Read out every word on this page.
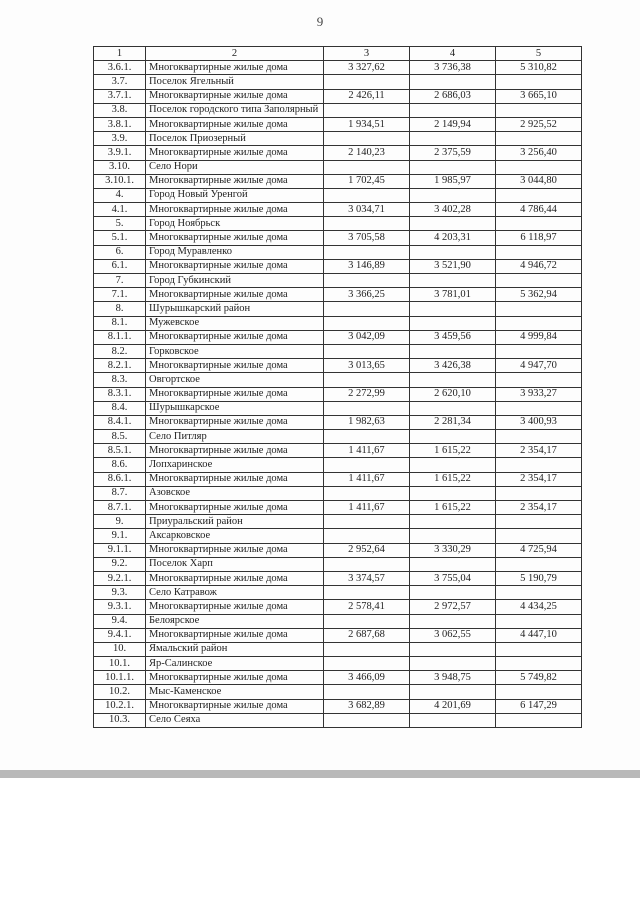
9
1	2	3	4	5
3.6.1.	Многоквартирные жилые дома	3 327,62	3 736,38	5 310,82
3.7.	Поселок Ягельный			
3.7.1.	Многоквартирные жилые дома	2 426,11	2 686,03	3 665,10
3.8.	Поселок городского типа Заполярный			
3.8.1.	Многоквартирные жилые дома	1 934,51	2 149,94	2 925,52
3.9.	Поселок Приозерный			
3.9.1.	Многоквартирные жилые дома	2 140,23	2 375,59	3 256,40
3.10.	Село Нори			
3.10.1.	Многоквартирные жилые дома	1 702,45	1 985,97	3 044,80
4.	Город Новый Уренгой			
4.1.	Многоквартирные жилые дома	3 034,71	3 402,28	4 786,44
5.	Город Ноябрьск			
5.1.	Многоквартирные жилые дома	3 705,58	4 203,31	6 118,97
6.	Город Муравленко			
6.1.	Многоквартирные жилые дома	3 146,89	3 521,90	4 946,72
7.	Город Губкинский			
7.1.	Многоквартирные жилые дома	3 366,25	3 781,01	5 362,94
8.	Шурышкарский район			
8.1.	Мужевское			
8.1.1.	Многоквартирные жилые дома	3 042,09	3 459,56	4 999,84
8.2.	Горковское			
8.2.1.	Многоквартирные жилые дома	3 013,65	3 426,38	4 947,70
8.3.	Овгортское			
8.3.1.	Многоквартирные жилые дома	2 272,99	2 620,10	3 933,27
8.4.	Шурышкарское			
8.4.1.	Многоквартирные жилые дома	1 982,63	2 281,34	3 400,93
8.5.	Село Питляр			
8.5.1.	Многоквартирные жилые дома	1 411,67	1 615,22	2 354,17
8.6.	Лопхаринское			
8.6.1.	Многоквартирные жилые дома	1 411,67	1 615,22	2 354,17
8.7.	Азовское			
8.7.1.	Многоквартирные жилые дома	1 411,67	1 615,22	2 354,17
9.	Приуральский район			
9.1.	Аксарковское			
9.1.1.	Многоквартирные жилые дома	2 952,64	3 330,29	4 725,94
9.2.	Поселок Харп			
9.2.1.	Многоквартирные жилые дома	3 374,57	3 755,04	5 190,79
9.3.	Село Катравож			
9.3.1.	Многоквартирные жилые дома	2 578,41	2 972,57	4 434,25
9.4.	Белоярское			
9.4.1.	Многоквартирные жилые дома	2 687,68	3 062,55	4 447,10
10.	Ямальский район			
10.1.	Яр-Салинское			
10.1.1.	Многоквартирные жилые дома	3 466,09	3 948,75	5 749,82
10.2.	Мыс-Каменское			
10.2.1.	Многоквартирные жилые дома	3 682,89	4 201,69	6 147,29
10.3.	Село Сеяха			
